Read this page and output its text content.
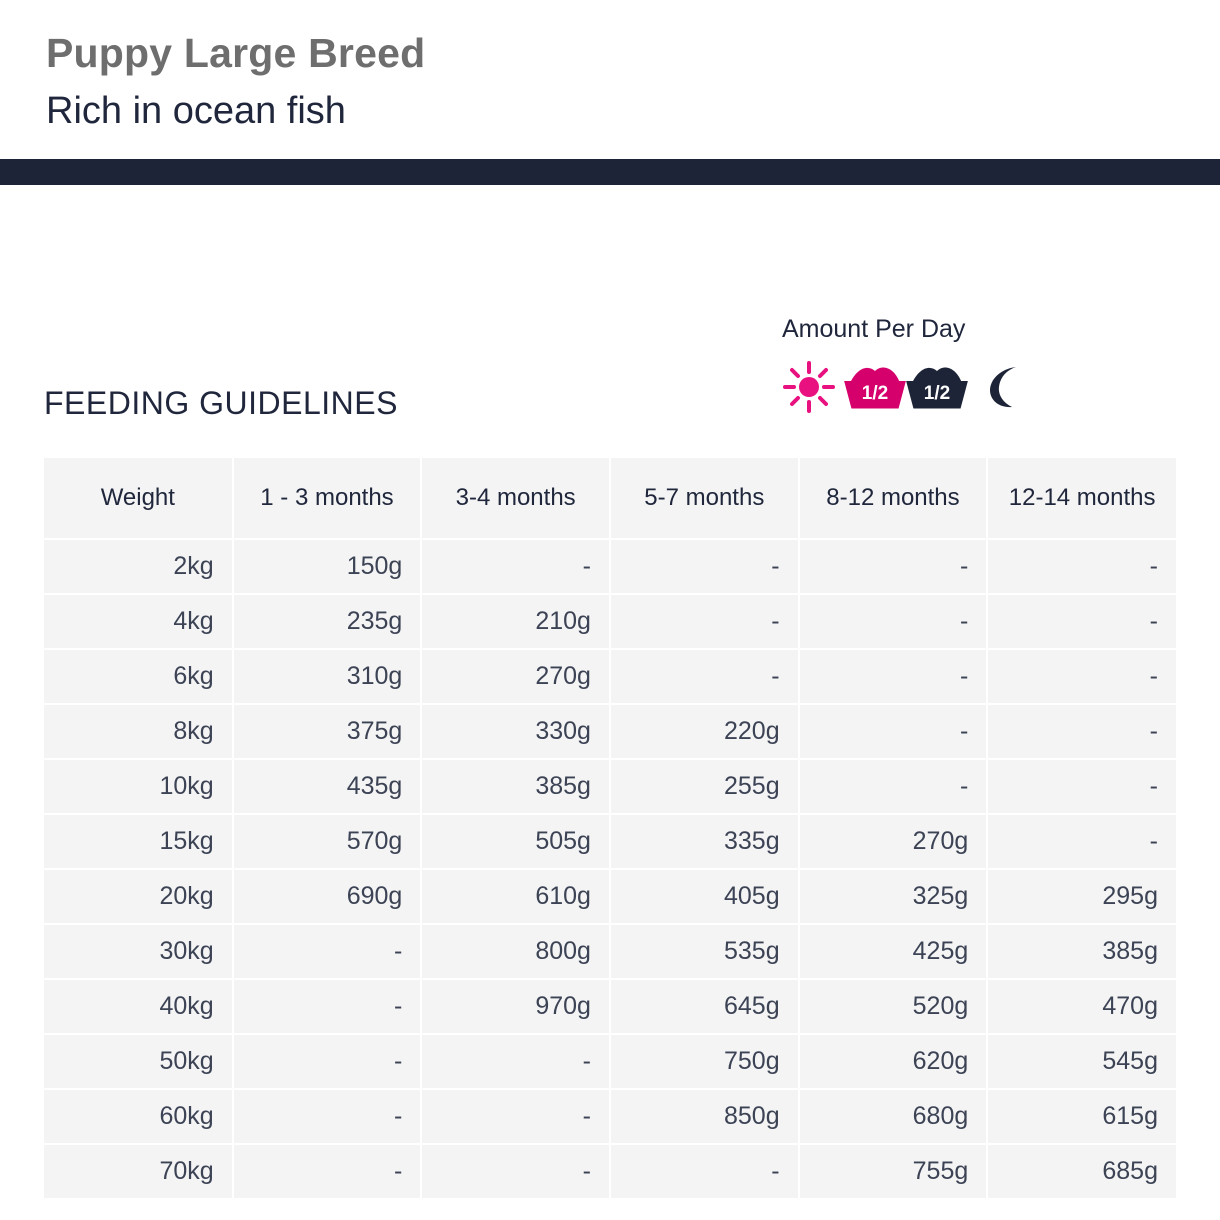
Puppy Large Breed
Rich in ocean fish
Amount Per Day
1/2 1/2
FEEDING GUIDELINES
Weight	1 - 3 months	3-4 months	5-7 months	8-12 months	12-14 months
2kg	150g	-	-	-	-
4kg	235g	210g	-	-	-
6kg	310g	270g	-	-	-
8kg	375g	330g	220g	-	-
10kg	435g	385g	255g	-	-
15kg	570g	505g	335g	270g	-
20kg	690g	610g	405g	325g	295g
30kg	-	800g	535g	425g	385g
40kg	-	970g	645g	520g	470g
50kg	-	-	750g	620g	545g
60kg	-	-	850g	680g	615g
70kg	-	-	-	755g	685g
